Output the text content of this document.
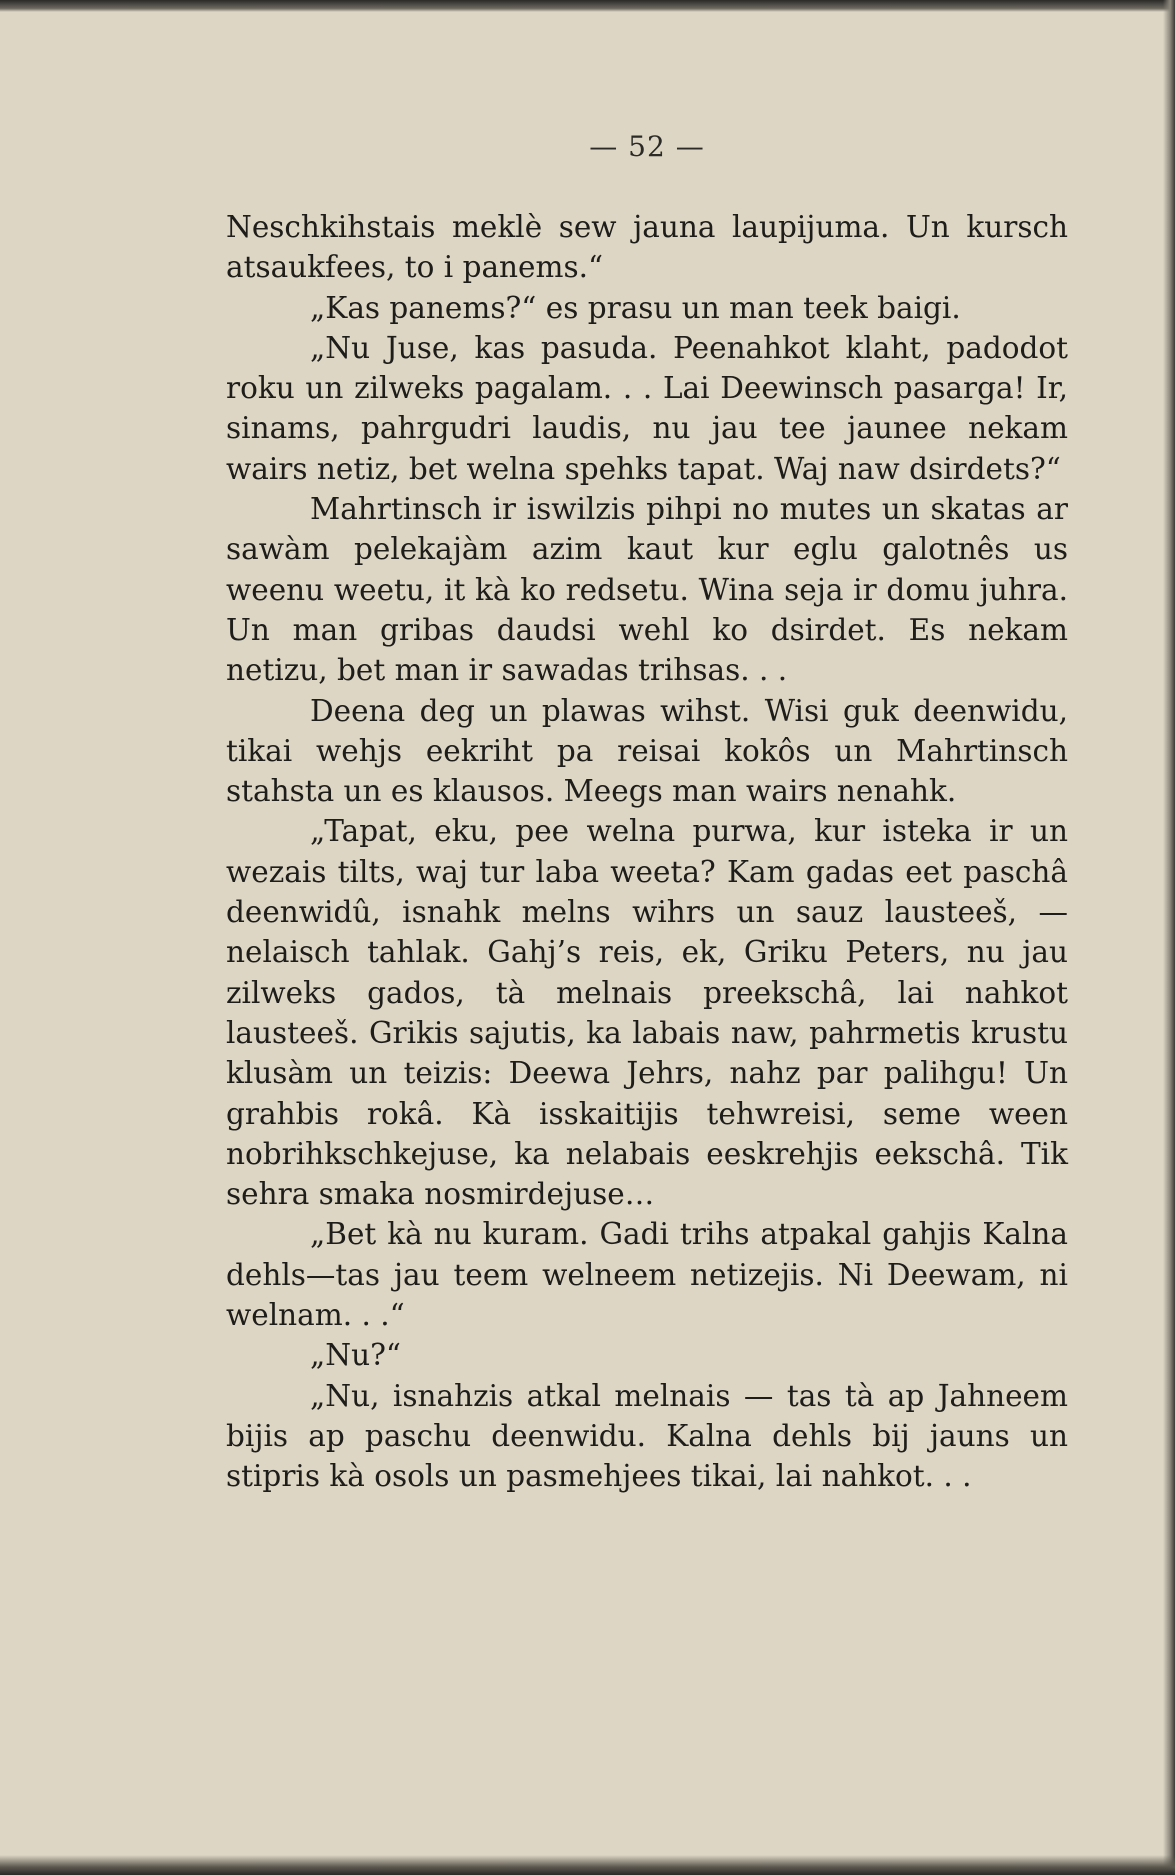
— 52 —

Neschkihstais meklè sew jauna laupijuma. Un kursch atsaukfees, to i panems.“

„Kas panems?“ es prasu un man teek baigi.

„Nu Juse, kas pasuda. Peenahkot klaht, padodot roku un zilweks pagalam. . . Lai Deewinsch pasarga! Ir, sinams, pahrgudri laudis, nu jau tee jaunee nekam wairs netiz, bet welna spehks tapat. Waj naw dsirdets?“

Mahrtinsch ir iswilzis pihpi no mutes un skatas ar sawàm pelekajàm azim kaut kur eglu galotnês us weenu weetu, it kà ko redsetu. Wina seja ir domu juhra. Un man gribas daudsi wehl ko dsirdet. Es nekam netizu, bet man ir sawadas trihsas. . .

Deena deg un plawas wihst. Wisi guk deenwidu, tikai wehjs eekriht pa reisai kokôs un Mahrtinsch stahsta un es klausos. Meegs man wairs nenahk.

„Tapat, eku, pee welna purwa, kur isteka ir un wezais tilts, waj tur laba weeta? Kam gadas eet paschâ deenwidû, isnahk melns wihrs un sauz lausteeš, — nelaisch tahlak. Gahj’s reis, ek, Griku Peters, nu jau zilweks gados, tà melnais preekschâ, lai nahkot lausteeš. Grikis sajutis, ka labais naw, pahrmetis krustu klusàm un teizis: Deewa Jehrs, nahz par palihgu! Un grahbis rokâ. Kà isskaitijis tehwreisi, seme ween nobrihkschkejuse, ka nelabais eeskrehjis eekschâ. Tik sehra smaka nosmirdejuse…

„Bet kà nu kuram. Gadi trihs atpakal gahjis Kalna dehls—tas jau teem welneem netizejis. Ni Deewam, ni welnam. . .“

„Nu?“

„Nu, isnahzis atkal melnais — tas tà ap Jahneem bijis ap paschu deenwidu. Kalna dehls bij jauns un stipris kà osols un pasmehjees tikai, lai nahkot. . .
